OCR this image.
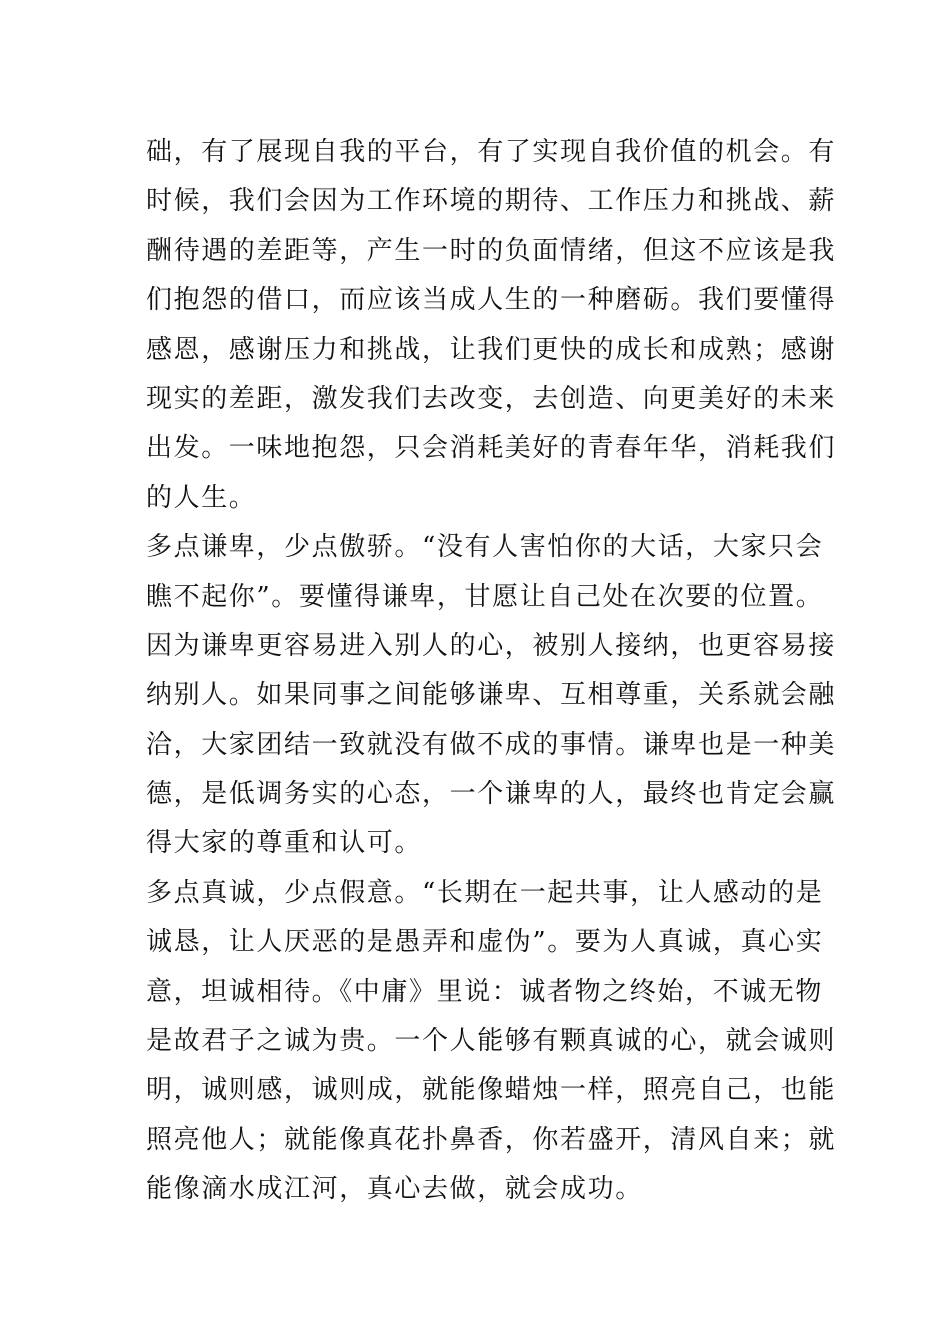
础，有了展现自我的平台，有了实现自我价值的机会。有
时候，我们会因为工作环境的期待、工作压力和挑战、薪
酬待遇的差距等，产生一时的负面情绪，但这不应该是我
们抱怨的借口，而应该当成人生的一种磨砺。我们要懂得
感恩，感谢压力和挑战，让我们更快的成长和成熟；感谢
现实的差距，激发我们去改变，去创造、向更美好的未来
出发。一味地抱怨，只会消耗美好的青春年华，消耗我们
的人生。
多点谦卑，少点傲骄。“没有人害怕你的大话，大家只会
瞧不起你”。要懂得谦卑，甘愿让自己处在次要的位置。
因为谦卑更容易进入别人的心，被别人接纳，也更容易接
纳别人。如果同事之间能够谦卑、互相尊重，关系就会融
洽，大家团结一致就没有做不成的事情。谦卑也是一种美
德，是低调务实的心态，一个谦卑的人，最终也肯定会赢
得大家的尊重和认可。
多点真诚，少点假意。“长期在一起共事，让人感动的是
诚恳，让人厌恶的是愚弄和虚伪”。要为人真诚，真心实
意，坦诚相待。《中庸》里说：诚者物之终始，不诚无物
是故君子之诚为贵。一个人能够有颗真诚的心，就会诚则
明，诚则感，诚则成，就能像蜡烛一样，照亮自己，也能
照亮他人；就能像真花扑鼻香，你若盛开，清风自来；就
能像滴水成江河，真心去做，就会成功。
